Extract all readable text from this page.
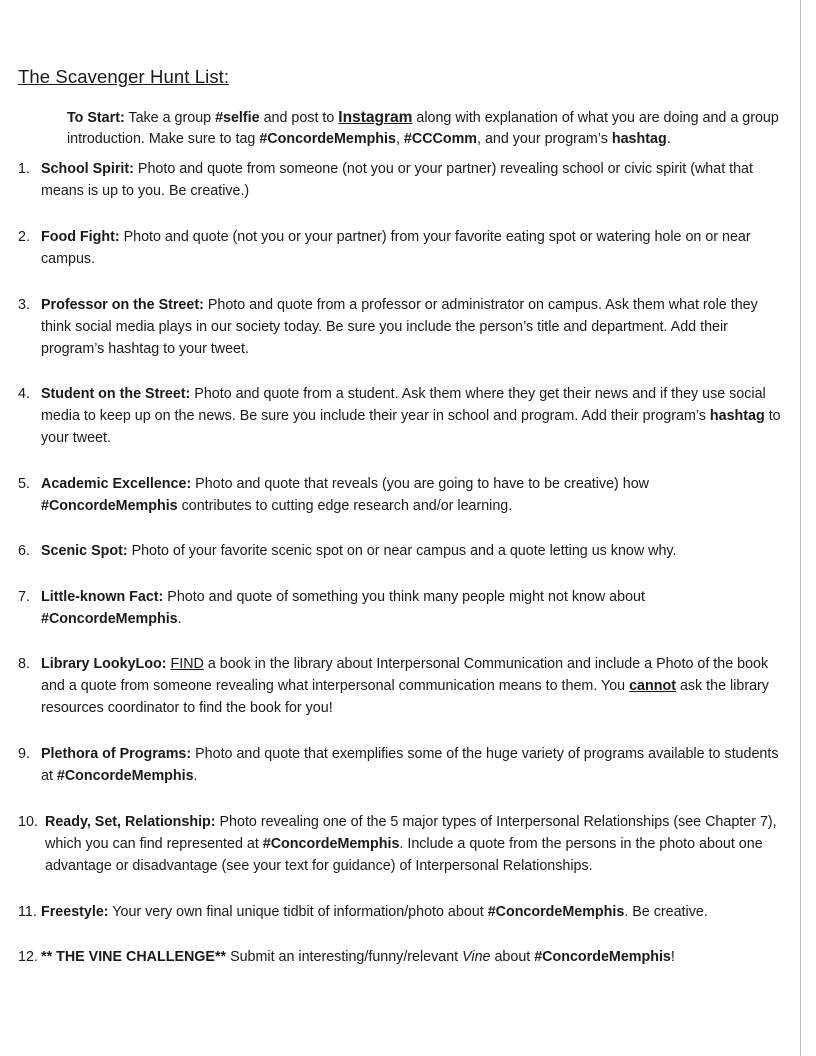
The Scavenger Hunt List:
To Start: Take a group #selfie and post to Instagram along with explanation of what you are doing and a group introduction. Make sure to tag #ConcordeMemphis, #CCComm, and your program’s hashtag.
1. School Spirit: Photo and quote from someone (not you or your partner) revealing school or civic spirit (what that means is up to you. Be creative.)
2. Food Fight: Photo and quote (not you or your partner) from your favorite eating spot or watering hole on or near campus.
3. Professor on the Street: Photo and quote from a professor or administrator on campus. Ask them what role they think social media plays in our society today. Be sure you include the person’s title and department. Add their program’s hashtag to your tweet.
4. Student on the Street: Photo and quote from a student. Ask them where they get their news and if they use social media to keep up on the news. Be sure you include their year in school and program. Add their program’s hashtag to your tweet.
5. Academic Excellence: Photo and quote that reveals (you are going to have to be creative) how #ConcordeMemphis contributes to cutting edge research and/or learning.
6. Scenic Spot: Photo of your favorite scenic spot on or near campus and a quote letting us know why.
7. Little-known Fact: Photo and quote of something you think many people might not know about #ConcordeMemphis.
8. Library LookyLoo: FIND a book in the library about Interpersonal Communication and include a Photo of the book and a quote from someone revealing what interpersonal communication means to them. You cannot ask the library resources coordinator to find the book for you!
9. Plethora of Programs: Photo and quote that exemplifies some of the huge variety of programs available to students at #ConcordeMemphis.
10. Ready, Set, Relationship: Photo revealing one of the 5 major types of Interpersonal Relationships (see Chapter 7), which you can find represented at #ConcordeMemphis. Include a quote from the persons in the photo about one advantage or disadvantage (see your text for guidance) of Interpersonal Relationships.
11. Freestyle: Your very own final unique tidbit of information/photo about #ConcordeMemphis. Be creative.
12. ** THE VINE CHALLENGE** Submit an interesting/funny/relevant Vine about #ConcordeMemphis!
